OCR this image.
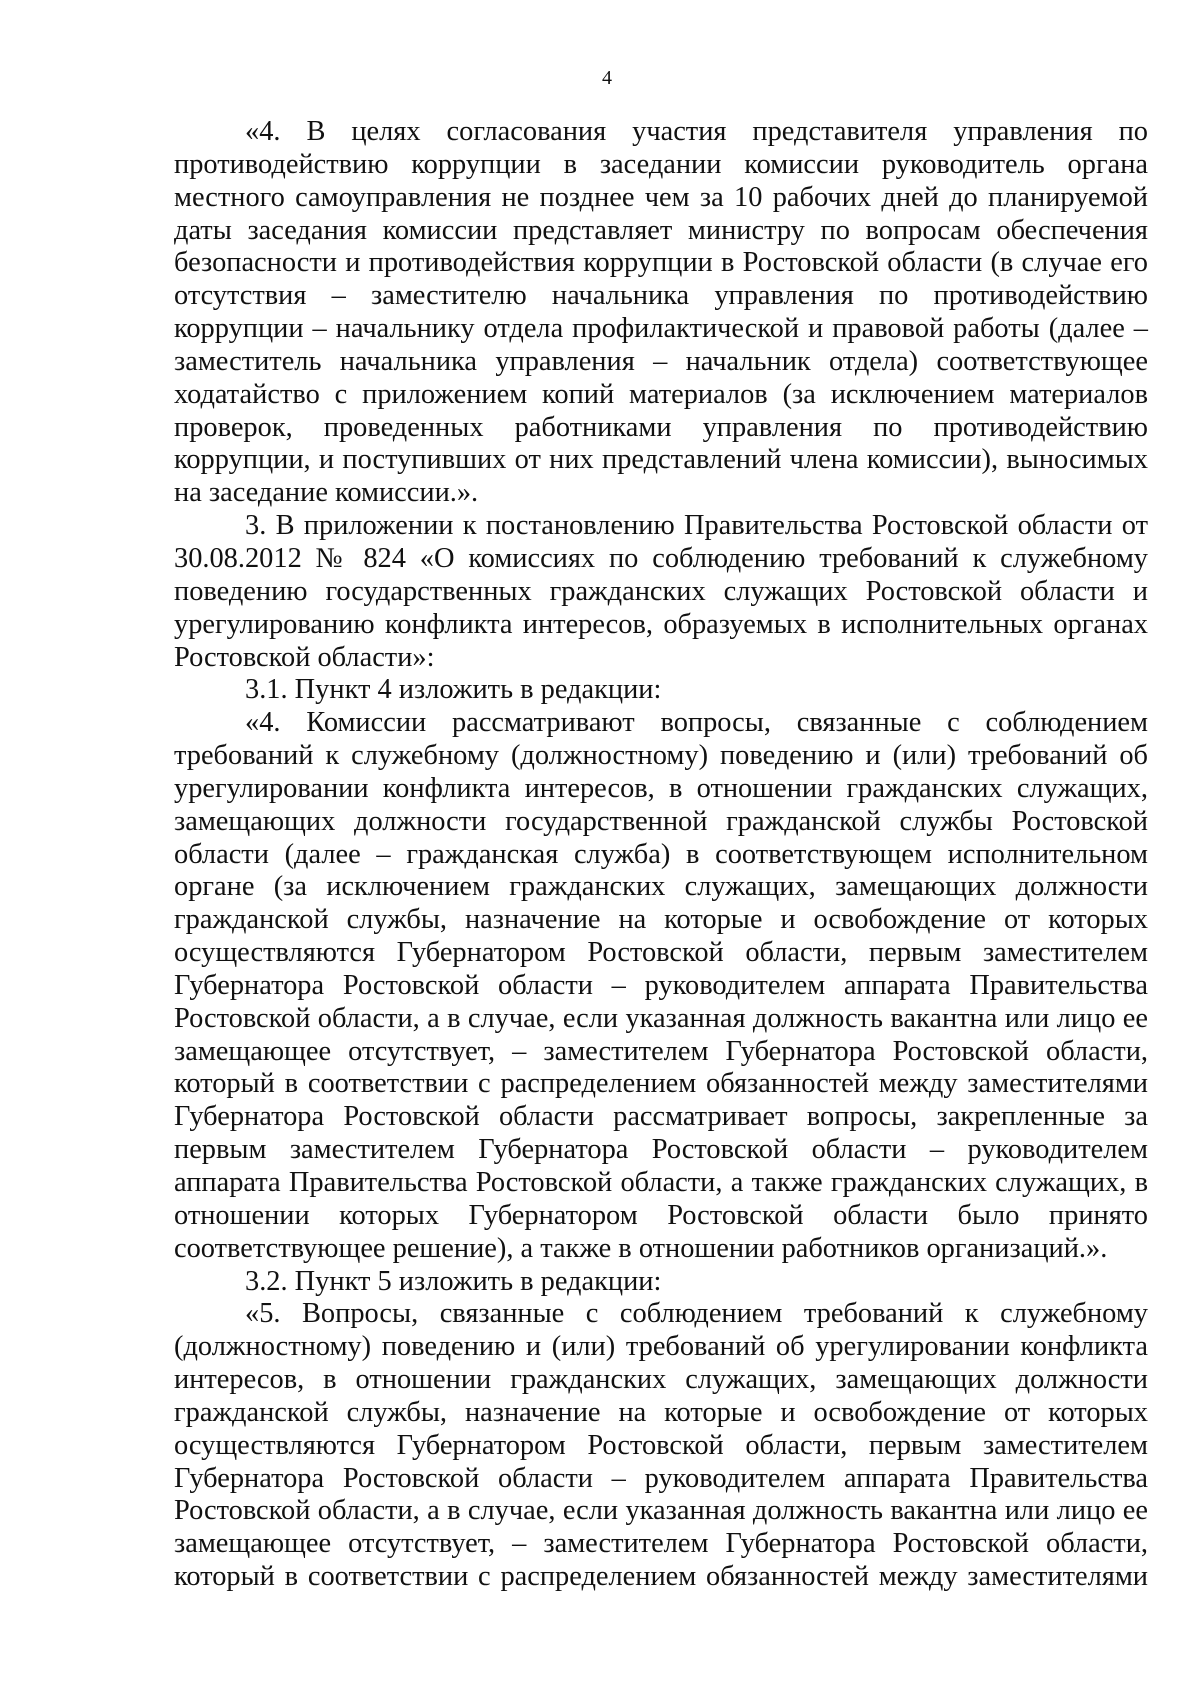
4

«4. В целях согласования участия представителя управления по противодействию коррупции в заседании комиссии руководитель органа местного самоуправления не позднее чем за 10 рабочих дней до планируемой даты заседания комиссии представляет министру по вопросам обеспечения безопасности и противодействия коррупции в Ростовской области (в случае его отсутствия – заместителю начальника управления по противодействию коррупции – начальнику отдела профилактической и правовой работы (далее – заместитель начальника управления – начальник отдела) соответствующее ходатайство с приложением копий материалов (за исключением материалов проверок, проведенных работниками управления по противодействию коррупции, и поступивших от них представлений члена комиссии), выносимых на заседание комиссии.».

3. В приложении к постановлению Правительства Ростовской области от 30.08.2012 № 824 «О комиссиях по соблюдению требований к служебному поведению государственных гражданских служащих Ростовской области и урегулированию конфликта интересов, образуемых в исполнительных органах Ростовской области»:

3.1. Пункт 4 изложить в редакции:

«4. Комиссии рассматривают вопросы, связанные с соблюдением требований к служебному (должностному) поведению и (или) требований об урегулировании конфликта интересов, в отношении гражданских служащих, замещающих должности государственной гражданской службы Ростовской области (далее – гражданская служба) в соответствующем исполнительном органе (за исключением гражданских служащих, замещающих должности гражданской службы, назначение на которые и освобождение от которых осуществляются Губернатором Ростовской области, первым заместителем Губернатора Ростовской области – руководителем аппарата Правительства Ростовской области, а в случае, если указанная должность вакантна или лицо ее замещающее отсутствует, – заместителем Губернатора Ростовской области, который в соответствии с распределением обязанностей между заместителями Губернатора Ростовской области рассматривает вопросы, закрепленные за первым заместителем Губернатора Ростовской области – руководителем аппарата Правительства Ростовской области, а также гражданских служащих, в отношении которых Губернатором Ростовской области было принято соответствующее решение), а также в отношении работников организаций.».

3.2. Пункт 5 изложить в редакции:

«5. Вопросы, связанные с соблюдением требований к служебному (должностному) поведению и (или) требований об урегулировании конфликта интересов, в отношении гражданских служащих, замещающих должности гражданской службы, назначение на которые и освобождение от которых осуществляются Губернатором Ростовской области, первым заместителем Губернатора Ростовской области – руководителем аппарата Правительства Ростовской области, а в случае, если указанная должность вакантна или лицо ее замещающее отсутствует, – заместителем Губернатора Ростовской области, который в соответствии с распределением обязанностей между заместителями
